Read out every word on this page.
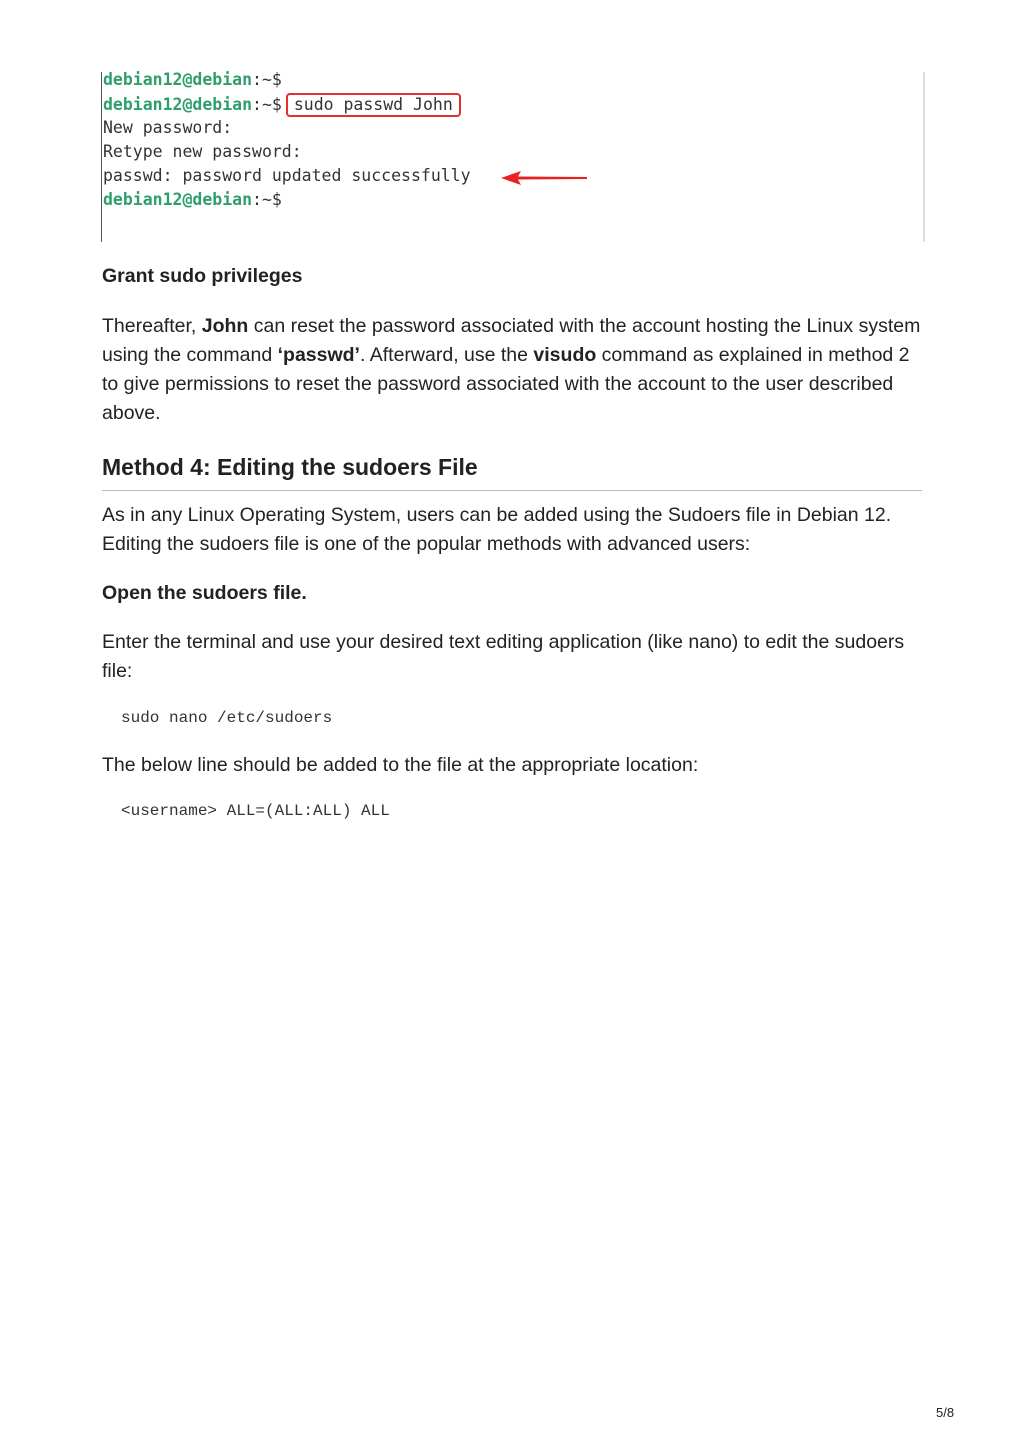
debian12@debian:~$
debian12@debian:~$ sudo passwd John
New password:
Retype new password:
passwd: password updated successfully
debian12@debian:~$
Grant sudo privileges

Thereafter, John can reset the password associated with the account hosting the Linux system using the command ‘passwd’. Afterward, use the visudo command as explained in method 2 to give permissions to reset the password associated with the account to the user described above.

Method 4: Editing the sudoers File

As in any Linux Operating System, users can be added using the Sudoers file in Debian 12. Editing the sudoers file is one of the popular methods with advanced users:

Open the sudoers file.

Enter the terminal and use your desired text editing application (like nano) to edit the sudoers file:

sudo nano /etc/sudoers

The below line should be added to the file at the appropriate location:

<username> ALL=(ALL:ALL) ALL
5/8
